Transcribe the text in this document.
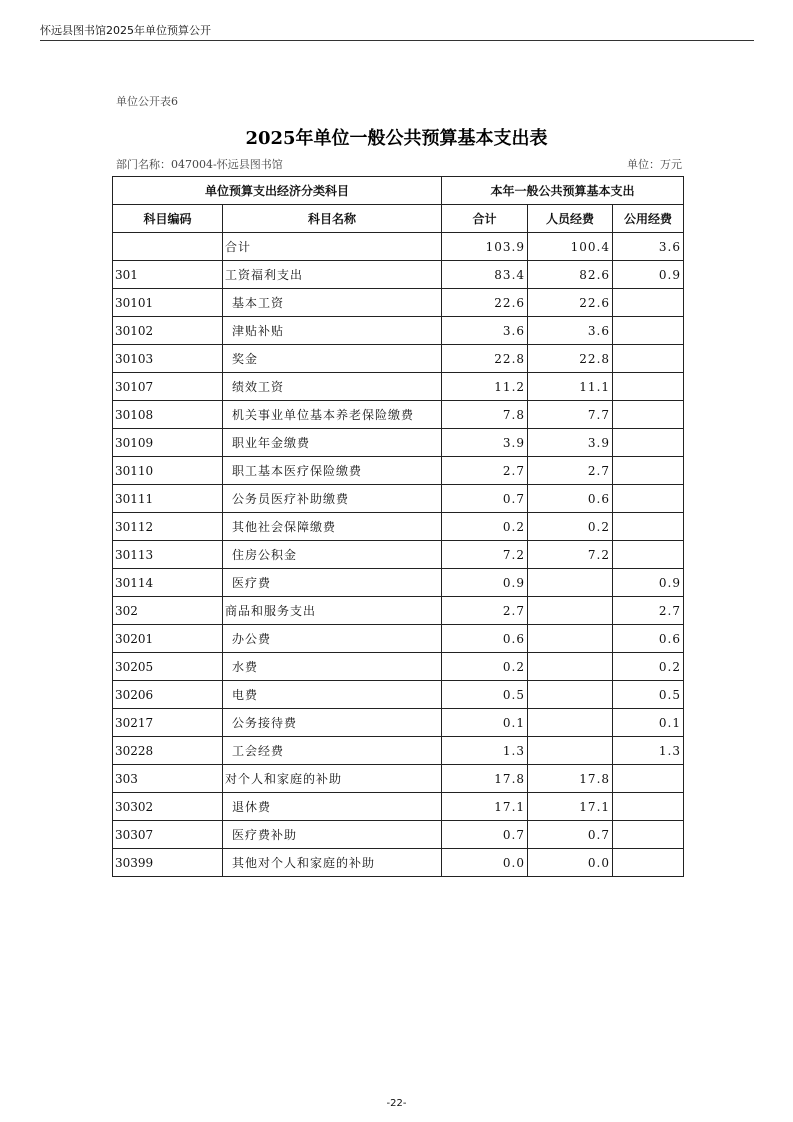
怀远县图书馆2025年单位预算公开
单位公开表6
2025年单位一般公共预算基本支出表
部门名称：047004-怀远县图书馆	单位：万元
单位预算支出经济分类科目		本年一般公共预算基本支出		
科目编码	科目名称	合计	人员经费	公用经费
	合计	103.9	100.4	3.6
301	工资福利支出	83.4	82.6	0.9
30101	基本工资	22.6	22.6	
30102	津贴补贴	3.6	3.6	
30103	奖金	22.8	22.8	
30107	绩效工资	11.2	11.1	
30108	机关事业单位基本养老保险缴费	7.8	7.7	
30109	职业年金缴费	3.9	3.9	
30110	职工基本医疗保险缴费	2.7	2.7	
30111	公务员医疗补助缴费	0.7	0.6	
30112	其他社会保障缴费	0.2	0.2	
30113	住房公积金	7.2	7.2	
30114	医疗费	0.9		0.9
302	商品和服务支出	2.7		2.7
30201	办公费	0.6		0.6
30205	水费	0.2		0.2
30206	电费	0.5		0.5
30217	公务接待费	0.1		0.1
30228	工会经费	1.3		1.3
303	对个人和家庭的补助	17.8	17.8	
30302	退休费	17.1	17.1	
30307	医疗费补助	0.7	0.7	
30399	其他对个人和家庭的补助	0.0	0.0	
-22-
